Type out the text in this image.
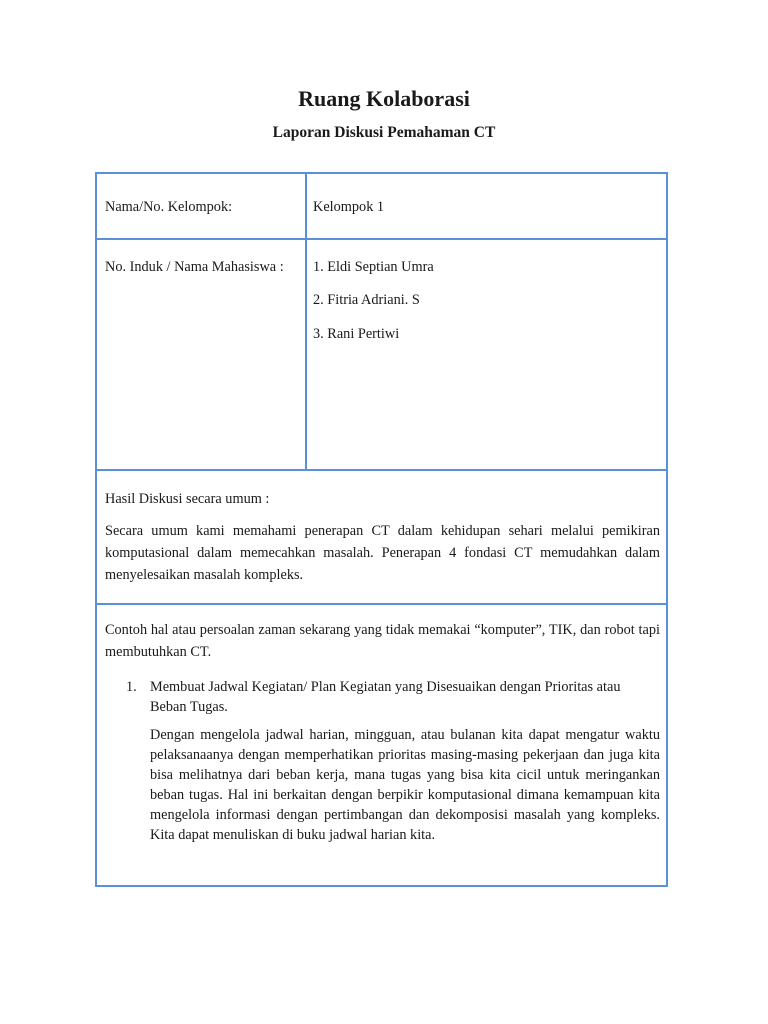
Ruang Kolaborasi
Laporan Diskusi Pemahaman CT
Nama/No. Kelompok:	Kelompok 1
No. Induk / Nama Mahasiswa :	1. Eldi Septian Umra
2. Fitria Adriani. S
3. Rani Pertiwi
Hasil Diskusi secara umum :
Secara umum kami memahami penerapan CT dalam kehidupan sehari melalui pemikiran komputasional dalam memecahkan masalah. Penerapan 4 fondasi CT memudahkan dalam menyelesaikan masalah kompleks.
Contoh hal atau persoalan zaman sekarang yang tidak memakai “komputer”, TIK, dan robot tapi membutuhkan CT.
1. Membuat Jadwal Kegiatan/ Plan Kegiatan yang Disesuaikan dengan Prioritas atau Beban Tugas.
Dengan mengelola jadwal harian, mingguan, atau bulanan kita dapat mengatur waktu pelaksanaanya dengan memperhatikan prioritas masing-masing pekerjaan dan juga kita bisa melihatnya dari beban kerja, mana tugas yang bisa kita cicil untuk meringankan beban tugas. Hal ini berkaitan dengan berpikir komputasional dimana kemampuan kita mengelola informasi dengan pertimbangan dan dekomposisi masalah yang kompleks. Kita dapat menuliskan di buku jadwal harian kita.
